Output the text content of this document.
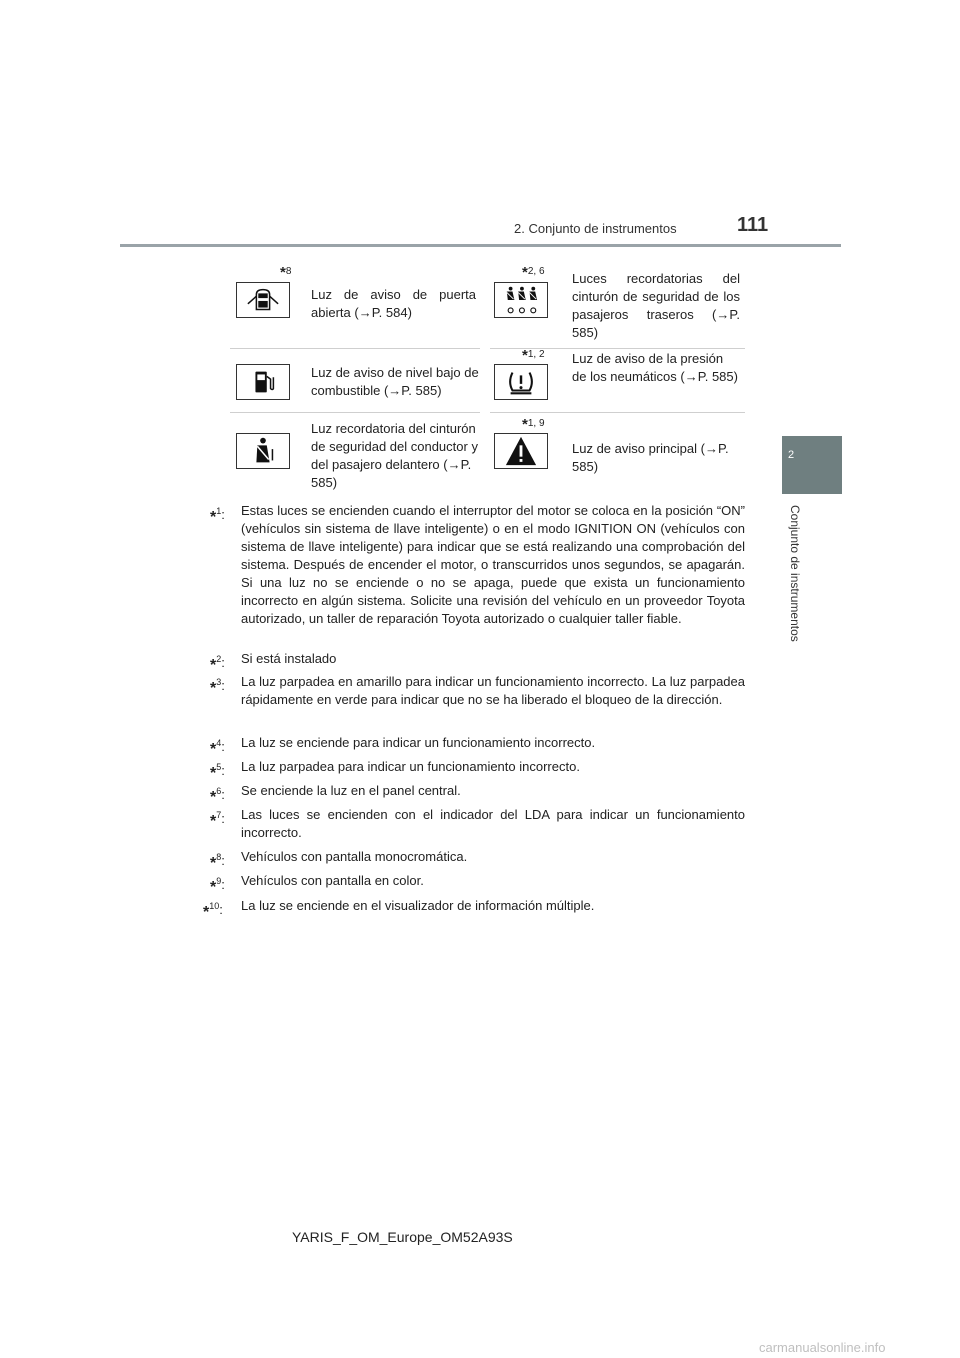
2. Conjunto de instrumentos	111
2
Conjunto de instrumentos
*8
Luz de aviso de puerta abierta (→P. 584)
*2, 6 Luces recordatorias del cinturón de seguridad de los pasajeros traseros (→P. 585)
Luz de aviso de nivel bajo de combustible (→P. 585)
*1, 2 Luz de aviso de la presión de los neumáticos (→P. 585)
Luz recordatoria del cinturón de seguridad del conductor y del pasajero delantero (→P. 585)
*1, 9
Luz de aviso principal (→P. 585)
*$^1$: Estas luces se encienden cuando el interruptor del motor se coloca en la posición “ON” (vehículos sin sistema de llave inteligente) o en el modo IGNITION ON (vehículos con sistema de llave inteligente) para indicar que se está realizando una comprobación del sistema. Después de encender el motor, o transcurridos unos segundos, se apagarán. Si una luz no se enciende o no se apaga, puede que exista un funcionamiento incorrecto en algún sistema. Solicite una revisión del vehículo en un proveedor Toyota autorizado, un taller de reparación Toyota autorizado o cualquier taller fiable.
*$^2$: Si está instalado
*$^3$: La luz parpadea en amarillo para indicar un funcionamiento incorrecto. La luz parpadea rápidamente en verde para indicar que no se ha liberado el bloqueo de la dirección.
*$^4$: La luz se enciende para indicar un funcionamiento incorrecto.
*$^5$: La luz parpadea para indicar un funcionamiento incorrecto.
*$^6$: Se enciende la luz en el panel central.
*$^7$: Las luces se encienden con el indicador del LDA para indicar un funcionamiento incorrecto.
*$^8$: Vehículos con pantalla monocromática.
*$^9$: Vehículos con pantalla en color.
*$^{10}$: La luz se enciende en el visualizador de información múltiple.
YARIS_F_OM_Europe_OM52A93S
carmanualsonline.info
